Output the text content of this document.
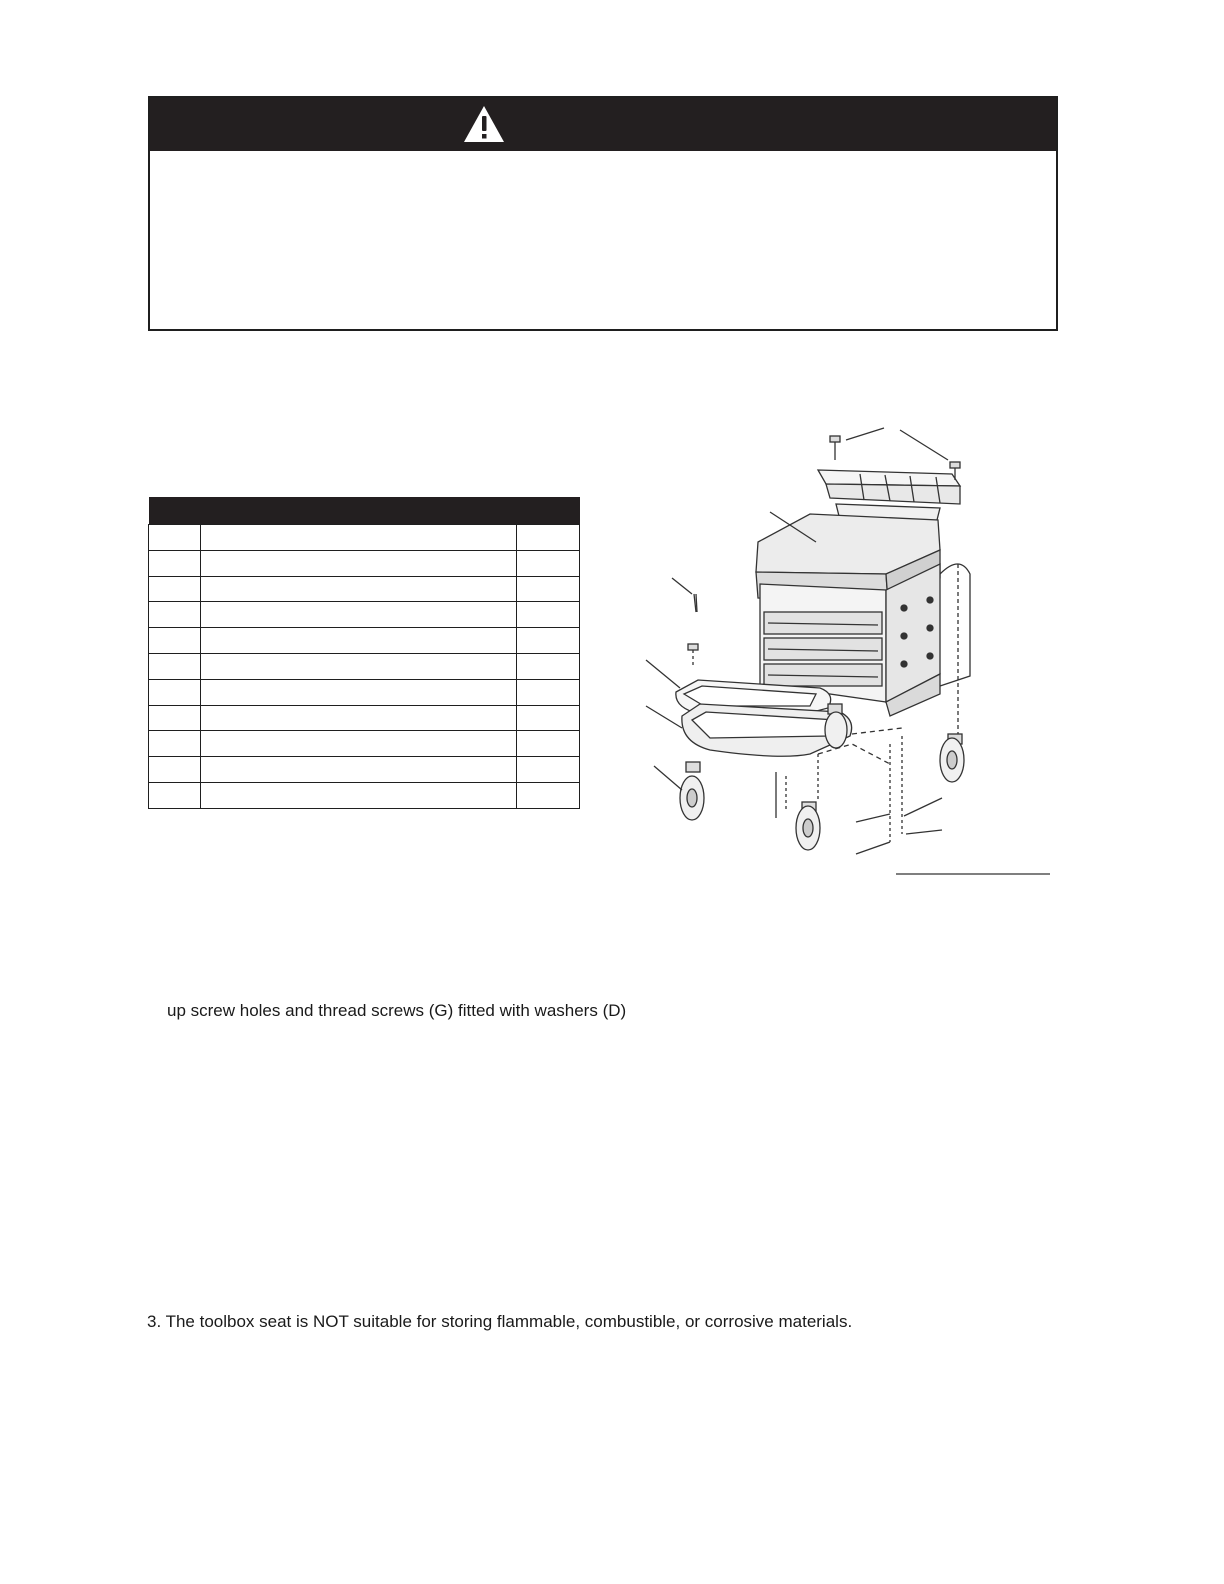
up screw holes and thread screws (G) fitted with washers (D)
3. The toolbox seat is NOT suitable for storing flammable, combustible, or corrosive materials.
